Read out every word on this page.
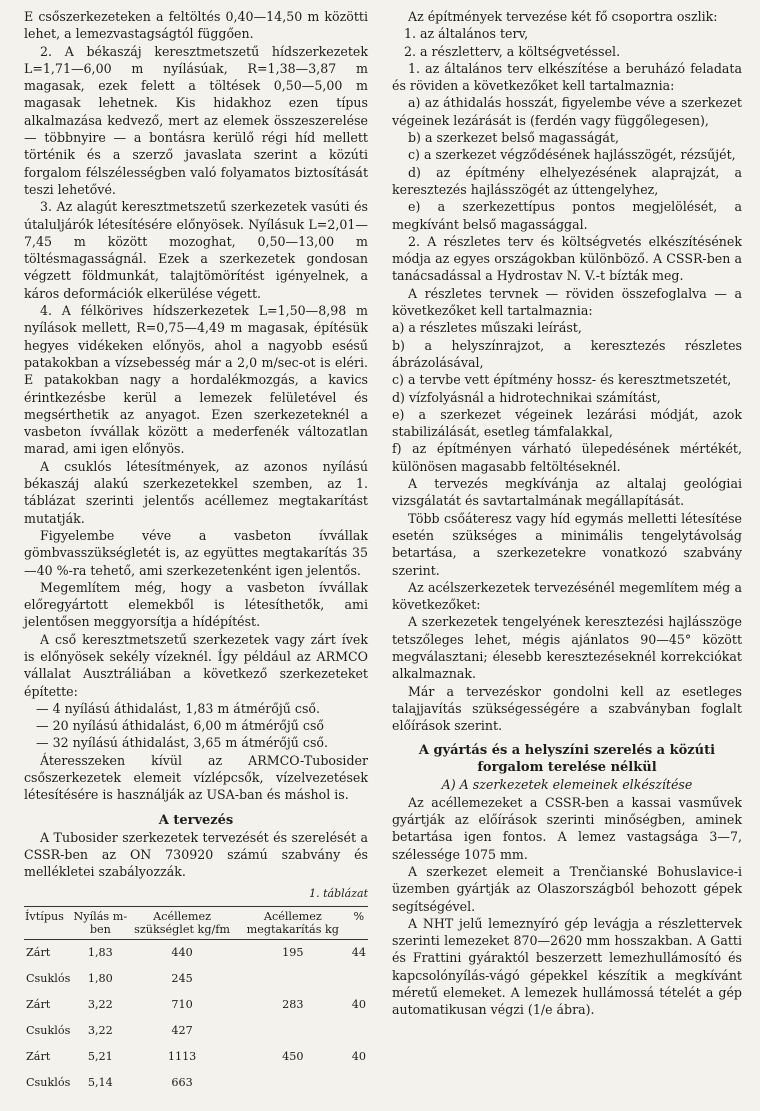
E csőszerkezeteken a feltöltés 0,40—14,50 m közötti lehet, a lemezvastagságtól függően.

2. A békaszáj keresztmetszetű hídszerkezetek L=1,71—6,00 m nyílásúak, R=1,38—3,87 m magasak, ezek felett a töltések 0,50—5,00 m magasak lehetnek. Kis hidakhoz ezen típus alkalmazása kedvező, mert az elemek összeszerelése — többnyire — a bontásra kerülő régi híd mellett történik és a szerző javaslata szerint a közúti forgalom félszélességben való folyamatos biztosítását teszi lehetővé.

3. Az alagút keresztmetszetű szerkezetek vasúti és útaluljárók létesítésére előnyösek. Nyílásuk L=2,01—7,45 m között mozoghat, 0,50—13,00 m töltésmagasságnál. Ezek a szerkezetek gondosan végzett földmunkát, talajtömörítést igényelnek, a káros deformációk elkerülése végett.

4. A félkörives hídszerkezetek L=1,50—8,98 m nyílások mellett, R=0,75—4,49 m magasak, építésük hegyes vidékeken előnyös, ahol a nagyobb esésű patakokban a vízsebesség már a 2,0 m/sec-ot is eléri. E patakokban nagy a hordalékmozgás, a kavics érintkezésbe kerül a lemezek felületével és megsérthetik az anyagot. Ezen szerkezeteknél a vasbeton ívvállak között a mederfenék változatlan marad, ami igen előnyös.

A csuklós létesítmények, az azonos nyílású békaszáj alakú szerkezetekkel szemben, az 1. táblázat szerinti jelentős acéllemez megtakarítást mutatják.

Figyelembe véve a vasbeton ívvállak gömbvasszükségletét is, az együttes megtakarítás 35—40 %-ra tehető, ami szerkezetenként igen jelentős.

Megemlítem még, hogy a vasbeton ívvállak előregyártott elemekből is létesíthetők, ami jelentősen meggyorsítja a hídépítést.

A cső keresztmetszetű szerkezetek vagy zárt ívek is előnyösek sekély vízeknél. Így például az ARMCO vállalat Ausztráliában a következő szerkezeteket építette:

— 4 nyílású áthidalást, 1,83 m átmérőjű cső.

— 20 nyílású áthidalást, 6,00 m átmérőjű cső

— 32 nyílású áthidalást, 3,65 m átmérőjű cső.

Áteresszeken kívül az ARMCO-Tubosider csőszerkezetek elemeit vízlépcsők, vízelvezetések létesítésére is használják az USA-ban és máshol is.

A tervezés

A Tubosider szerkezetek tervezését és szerelését a CSSR-ben az ON 730920 számú szabvány és mellékletei szabályozzák.

1. táblázat

Ívtípus	Nyílás m-ben	Acéllemez szükséglet kg/fm	Acéllemez megtakarítás kg	%
Zárt	1,83	440	195	44
Csuklós	1,80	245		
Zárt	3,22	710	283	40
Csuklós	3,22	427		
Zárt	5,21	1113	450	40
Csuklós	5,14	663		

Az építmények tervezése két fő csoportra oszlik:

1. az általános terv,

2. a részletterv, a költségvetéssel.

1. az általános terv elkészítése a beruházó feladata és röviden a következőket kell tartalmaznia:

a) az áthidalás hosszát, figyelembe véve a szerkezet végeinek lezárását is (ferdén vagy függőlegesen),

b) a szerkezet belső magasságát,

c) a szerkezet végződésének hajlásszögét, rézsűjét,

d) az építmény elhelyezésének alaprajzát, a keresztezés hajlásszögét az úttengelyhez,

e) a szerkezettípus pontos megjelölését, a megkívánt belső magassággal.

2. A részletes terv és költségvetés elkészítésének módja az egyes országokban különböző. A CSSR-ben a tanácsadással a Hydrostav N. V.-t bízták meg.

A részletes tervnek — röviden összefoglalva — a következőket kell tartalmaznia:

a) a részletes műszaki leírást,

b) a helyszínrajzot, a keresztezés részletes ábrázolásával,

c) a tervbe vett építmény hossz- és keresztmetszetét,

d) vízfolyásnál a hidrotechnikai számítást,

e) a szerkezet végeinek lezárási módját, azok stabilizálását, esetleg támfalakkal,

f) az építményen várható ülepedésének mértékét, különösen magasabb feltöltéseknél.

A tervezés megkívánja az altalaj geológiai vizsgálatát és savtartalmának megállapítását.

Több csőáteresz vagy híd egymás melletti létesítése esetén szükséges a minimális tengelytávolság betartása, a szerkezetekre vonatkozó szabvány szerint.

Az acélszerkezetek tervezésénél megemlítem még a következőket:

A szerkezetek tengelyének keresztezési hajlásszöge tetszőleges lehet, mégis ajánlatos 90—45° között megválasztani; élesebb keresztezéseknél korrekciókat alkalmaznak.

Már a tervezéskor gondolni kell az esetleges talajjavítás szükségességére a szabványban foglalt előírások szerint.

A gyártás és a helyszíni szerelés a közúti forgalom terelése nélkül

A) A szerkezetek elemeinek elkészítése

Az acéllemezeket a CSSR-ben a kassai vasművek gyártják az előírások szerinti minőségben, aminek betartása igen fontos. A lemez vastagsága 3—7, szélessége 1075 mm.

A szerkezet elemeit a Trenčianské Bohuslavice-i üzemben gyártják az Olaszországból behozott gépek segítségével.

A NHT jelű lemeznyíró gép levágja a részlettervek szerinti lemezeket 870—2620 mm hosszakban. A Gatti és Frattini gyáraktól beszerzett lemezhullámosító és kapcsolónyílás-vágó gépekkel készítik a megkívánt méretű elemeket. A lemezek hullámossá tételét a gép automatikusan végzi (1/e ábra).
